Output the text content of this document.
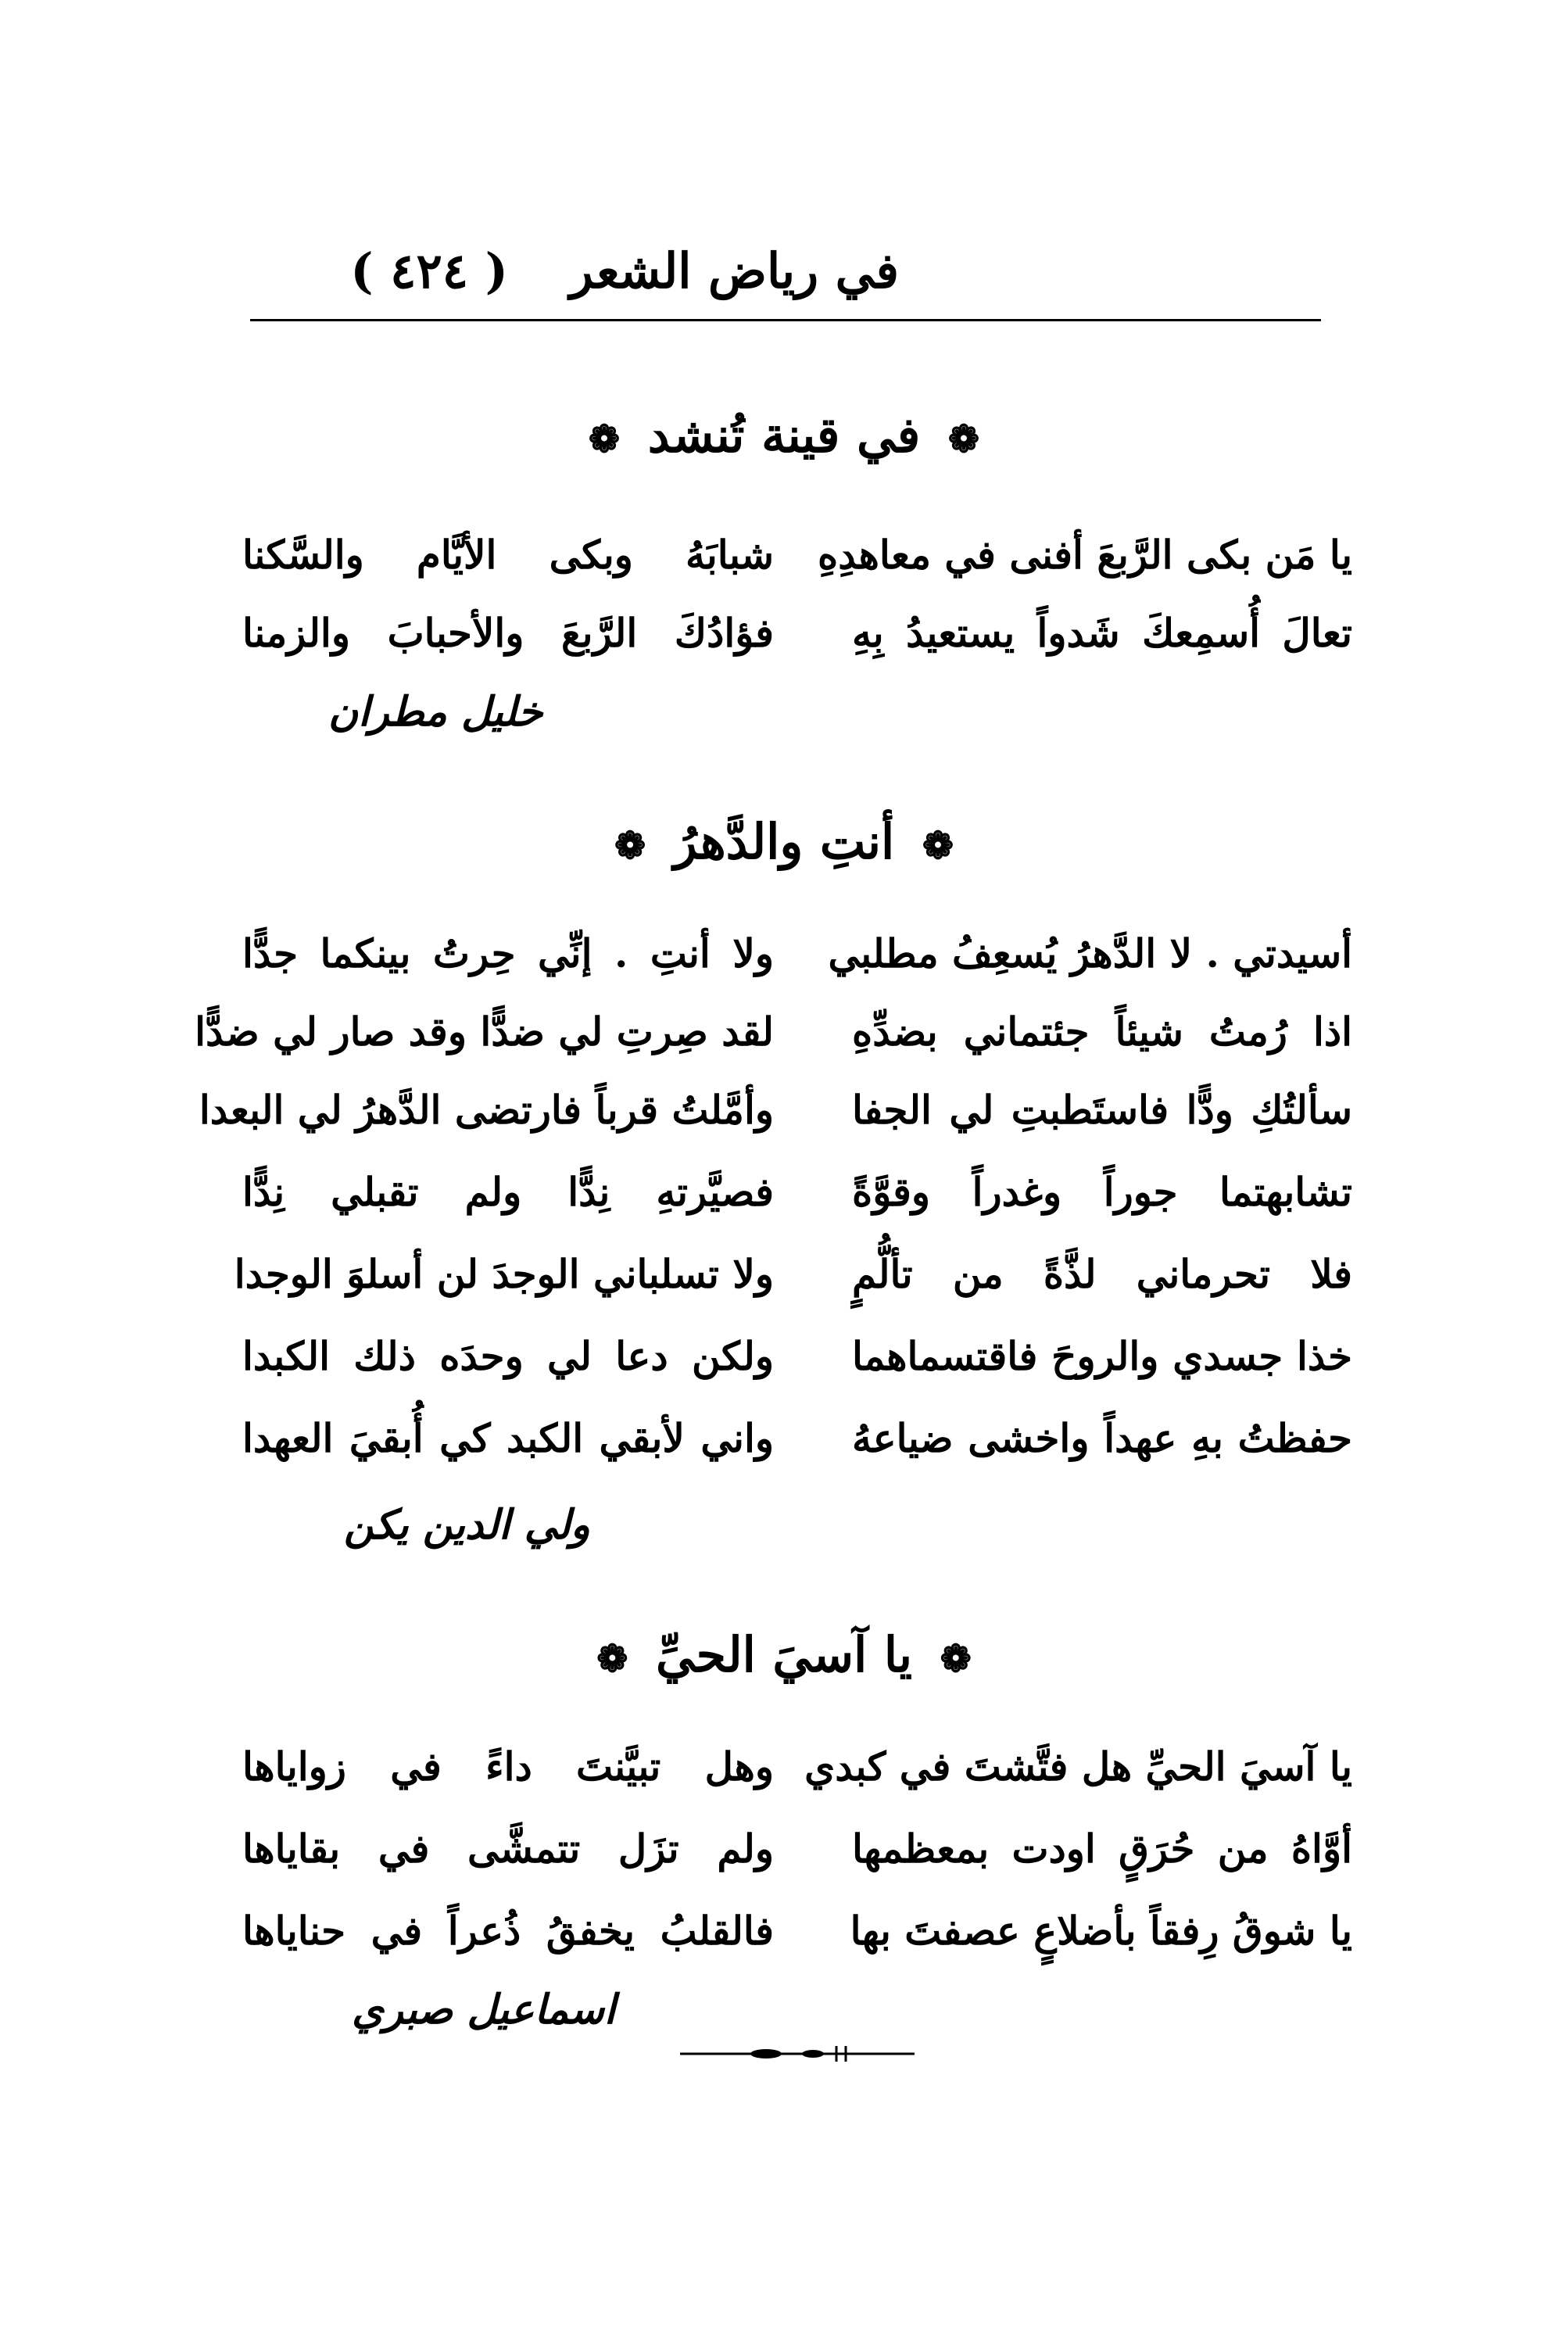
في رياض الشعر
( ٤٢٤ )
❁ في قينة تُنشد ❁
يا مَن بكى الرَّبعَ أفنى في معاهدِهِ
شبابَهُ وبكى الأيَّام والسَّكنا
تعالَ أُسمِعكَ شَدواً يستعيدُ بِهِ
فؤادُكَ الرَّبعَ والأحبابَ والزمنا
خليل مطران
❁ أنتِ والدَّهرُ ❁
أسيدتي . لا الدَّهرُ يُسعِفُ مطلبي
ولا أنتِ . إنِّي حِرتُ بينكما جدًّا
اذا رُمتُ شيئاً جئتماني بضدِّهِ
لقد صِرتِ لي ضدًّا وقد صار لي ضدًّا
سألتُكِ ودًّا فاستَطبتِ لي الجفا
وأمَّلتُ قرباً فارتضى الدَّهرُ لي البعدا
تشابهتما جوراً وغدراً وقوَّةً
فصيَّرتهِ نِدًّا ولم تقبلي نِدًّا
فلا تحرماني لذَّةً من تألُّمٍ
ولا تسلباني الوجدَ لن أسلوَ الوجدا
خذا جسدي والروحَ فاقتسماهما
ولكن دعا لي وحدَه ذلك الكبدا
حفظتُ بهِ عهداً واخشى ضياعهُ
واني لأبقي الكبد كي أُبقيَ العهدا
ولي الدين يكن
❁ يا آسيَ الحيِّ ❁
يا آسيَ الحيِّ هل فتَّشتَ في كبدي
وهل تبيَّنتَ داءً في زواياها
أوَّاهُ من حُرَقٍ اودت بمعظمها
ولم تزَل تتمشَّى في بقاياها
يا شوقُ رِفقاً بأضلاعٍ عصفتَ بها
فالقلبُ يخفقُ ذُعراً في حناياها
اسماعيل صبري
